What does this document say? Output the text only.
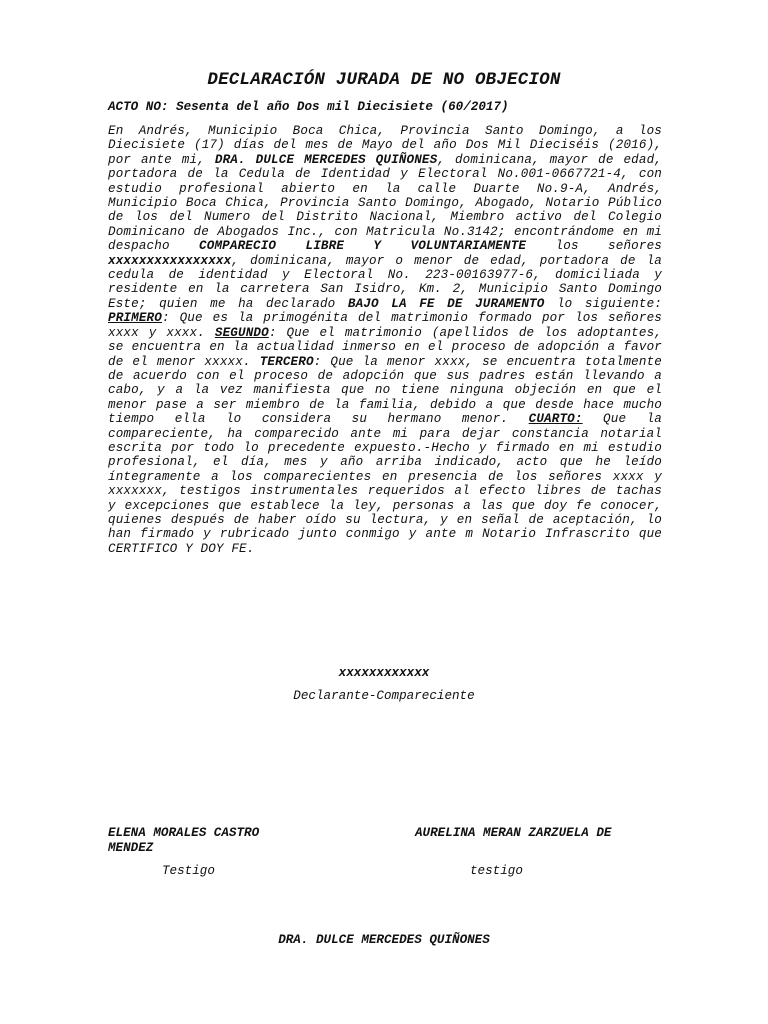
DECLARACIÓN JURADA DE NO OBJECION
ACTO NO: Sesenta del año Dos mil Diecisiete (60/2017)
En Andrés, Municipio Boca Chica, Provincia Santo Domingo, a los Diecisiete (17) días del mes de Mayo del año Dos Mil Dieciséis (2016), por ante mi, DRA. DULCE MERCEDES QUIÑONES, dominicana, mayor de edad, portadora de la Cedula de Identidad y Electoral No.001-0667721-4, con estudio profesional abierto en la calle Duarte No.9-A, Andrés, Municipio Boca Chica, Provincia Santo Domingo, Abogado, Notario Público de los del Numero del Distrito Nacional, Miembro activo del Colegio Dominicano de Abogados Inc., con Matricula No.3142; encontrándome en mi despacho COMPARECIO LIBRE Y VOLUNTARIAMENTE los señores xxxxxxxxxxxxxxxx, dominicana, mayor o menor de edad, portadora de la cedula de identidad y Electoral No. 223-00163977-6, domiciliada y residente en la carretera San Isidro, Km. 2, Municipio Santo Domingo Este; quien me ha declarado BAJO LA FE DE JURAMENTO lo siguiente: PRIMERO: Que es la primogénita del matrimonio formado por los señores xxxx y xxxx. SEGUNDO: Que el matrimonio (apellidos de los adoptantes, se encuentra en la actualidad inmerso en el proceso de adopción a favor de el menor xxxxx. TERCERO: Que la menor xxxx, se encuentra totalmente de acuerdo con el proceso de adopción que sus padres están llevando a cabo, y a la vez manifiesta que no tiene ninguna objeción en que el menor pase a ser miembro de la familia, debido a que desde hace mucho tiempo ella lo considera su hermano menor. CUARTO: Que la compareciente, ha comparecido ante mi para dejar constancia notarial escrita por todo lo precedente expuesto.-Hecho y firmado en mi estudio profesional, el día, mes y año arriba indicado, acto que he leído íntegramente a los comparecientes en presencia de los señores xxxx y xxxxxxx, testigos instrumentales requeridos al efecto libres de tachas y excepciones que establece la ley, personas a las que doy fe conocer, quienes después de haber oído su lectura, y en señal de aceptación, lo han firmado y rubricado junto conmigo y ante m Notario Infrascrito que CERTIFICO Y DOY FE.
xxxxxxxxxxxx
Declarante-Compareciente
ELENA MORALES CASTRO MENDEZ
AURELINA MERAN ZARZUELA DE
Testigo	testigo
DRA. DULCE MERCEDES QUIÑONES
